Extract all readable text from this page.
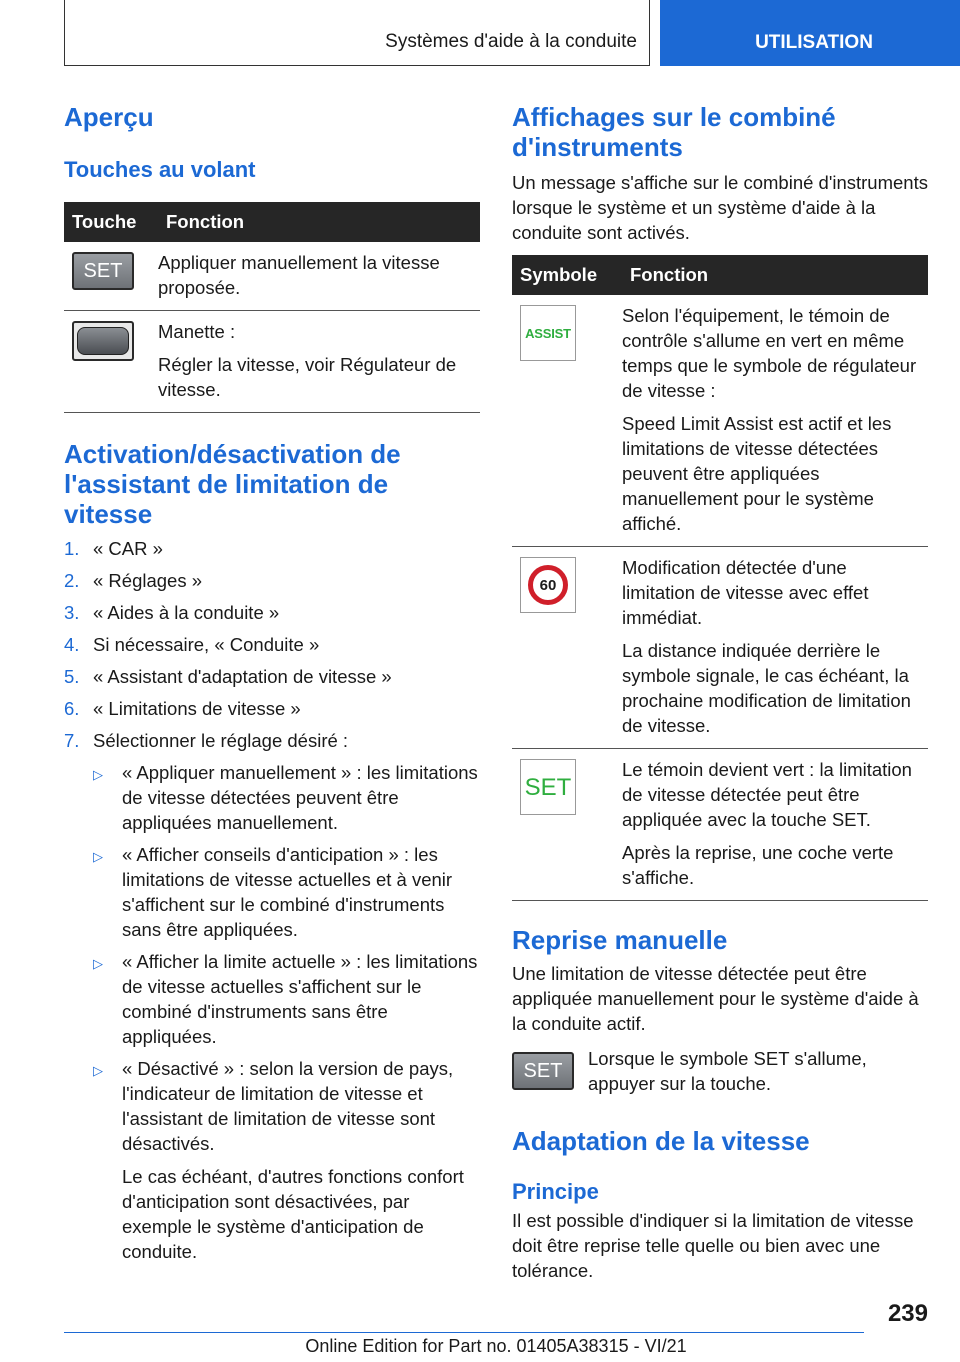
Systèmes d'aide à la conduite	UTILISATION
Aperçu
Touches au volant
Touche	Fonction

SET	Appliquer manuellement la vitesse proposée.

	Manette :

Régler la vitesse, voir Régulateur de vitesse.

Activation/désactivation de l'assistant de limitation de vitesse
1. « CAR »
2. « Réglages »
3. « Aides à la conduite »
4. Si nécessaire, « Conduite »
5. « Assistant d'adaptation de vitesse »
6. « Limitations de vitesse »
7. Sélectionner le réglage désiré :
▷	« Appliquer manuellement » : les limitations de vitesse détectées peuvent être appliquées manuellement.
▷	« Afficher conseils d'anticipation » : les limitations de vitesse actuelles et à venir s'affichent sur le combiné d'instruments sans être appliquées.
▷	« Afficher la limite actuelle » : les limitations de vitesse actuelles s'affichent sur le combiné d'instruments sans être appliquées.
▷	« Désactivé » : selon la version de pays, l'indicateur de limitation de vitesse et l'assistant de limitation de vitesse sont désactivés.

Le cas échéant, d'autres fonctions confort d'anticipation sont désactivées, par exemple le système d'anticipation de conduite.

Affichages sur le combiné d'instruments

Un message s'affiche sur le combiné d'instruments lorsque le système et un système d'aide à la conduite sont activés.

Symbole	Fonction

ASSIST	Selon l'équipement, le témoin de contrôle s'allume en vert en même temps que le symbole de régulateur de vitesse :

Speed Limit Assist est actif et les limitations de vitesse détectées peuvent être appliquées manuellement pour le système affiché.

60	Modification détectée d'une limitation de vitesse avec effet immédiat.

La distance indiquée derrière le symbole signale, le cas échéant, la prochaine modification de limitation de vitesse.

SET	Le témoin devient vert : la limitation de vitesse détectée peut être appliquée avec la touche SET.

Après la reprise, une coche verte s'affiche.

Reprise manuelle

Une limitation de vitesse détectée peut être appliquée manuellement pour le système d'aide à la conduite actif.

SET

Lorsque le symbole SET s'allume, appuyer sur la touche.

Adaptation de la vitesse
Principe

Il est possible d'indiquer si la limitation de vitesse doit être reprise telle quelle ou bien avec une tolérance.

239
Online Edition for Part no. 01405A38315 - VI/21
